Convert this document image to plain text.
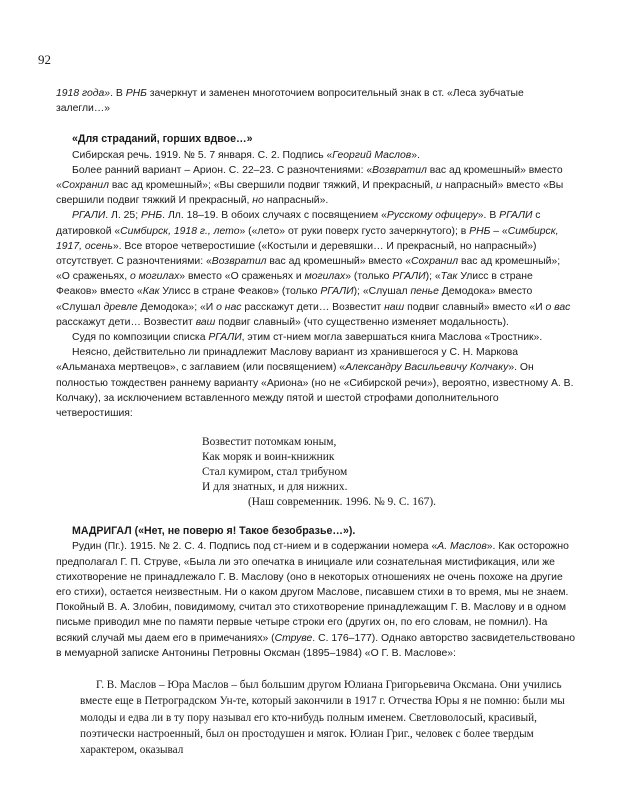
92

1918 года». В РНБ зачеркнут и заменен многоточием вопросительный знак в ст. «Леса зубчатые залегли…»

«Для страданий, горших вдвое…»

Сибирская речь. 1919. № 5. 7 января. С. 2. Подпись «Георгий Маслов».

Более ранний вариант – Арион. С. 22–23. С разночтениями: «Возвратил вас ад кромешный» вместо «Сохранил вас ад кромешный»; «Вы свершили подвиг тяжкий, И прекрасный, и напрасный» вместо «Вы свершили подвиг тяжкий И прекрасный, но напрасный».

РГАЛИ. Л. 25; РНБ. Лл. 18–19. В обоих случаях с посвящением «Русскому офицеру». В РГАЛИ с датировкой «Симбирск, 1918 г., лето» («лето» от руки поверх густо зачеркнутого); в РНБ – «Симбирск, 1917, осень». Все второе четверостишие («Костыли и деревяшки… И прекрасный, но напрасный») отсутствует. С разночтениями: «Возвратил вас ад кромешный» вместо «Сохранил вас ад кромешный»; «О сраженьях, о могилах» вместо «О сраженьях и могилах» (только РГАЛИ); «Так Улисс в стране Феаков» вместо «Как Улисс в стране Феаков» (только РГАЛИ); «Слушал пенье Демодока» вместо «Слушал древле Демодока»; «И о нас расскажут дети… Возвестит наш подвиг славный» вместо «И о вас расскажут дети… Возвестит ваш подвиг славный» (что существенно изменяет модальность).

Судя по композиции списка РГАЛИ, этим ст-нием могла завершаться книга Маслова «Тростник».

Неясно, действительно ли принадлежит Маслову вариант из хранившегося у С. Н. Маркова «Альманаха мертвецов», с заглавием (или посвящением) «Александру Васильевичу Колчаку». Он полностью тождествен раннему варианту «Ариона» (но не «Сибирской речи»), вероятно, известному А. В. Колчаку), за исключением вставленного между пятой и шестой строфами дополнительного четверостишия:

Возвестит потомкам юным,
Как моряк и воин-книжник
Стал кумиром, стал трибуном
И для знатных, и для нижних.
(Наш современник. 1996. № 9. С. 167).

МАДРИГАЛ («Нет, не поверю я! Такое безобразье…»).

Рудин (Пг.). 1915. № 2. С. 4. Подпись под ст-нием и в содержании номера «А. Маслов». Как осторожно предполагал Г. П. Струве, «Была ли это опечатка в инициале или сознательная мистификация, или же стихотворение не принадлежало Г. В. Маслову (оно в некоторых отношениях не очень похоже на другие его стихи), остается неизвестным. Ни о каком другом Маслове, писавшем стихи в то время, мы не знаем. Покойный В. А. Злобин, повидимому, считал это стихотворение принадлежащим Г. В. Маслову и в одном письме приводил мне по памяти первые четыре строки его (других он, по его словам, не помнил). На всякий случай мы даем его в примечаниях» (Струве. С. 176–177). Однако авторство засвидетельствовано в мемуарной записке Антонины Петровны Оксман (1895–1984) «О Г. В. Маслове»:

Г. В. Маслов – Юра Маслов – был большим другом Юлиана Григорьевича Оксмана. Они учились вместе еще в Петроградском Ун-те, который закончили в 1917 г. Отчества Юры я не помню: были мы молоды и едва ли в ту пору называл его кто-нибудь полным именем. Светловолосый, красивый, поэтически настроенный, был он простодушен и мягок. Юлиан Григ., человек с более твердым характером, оказывал
